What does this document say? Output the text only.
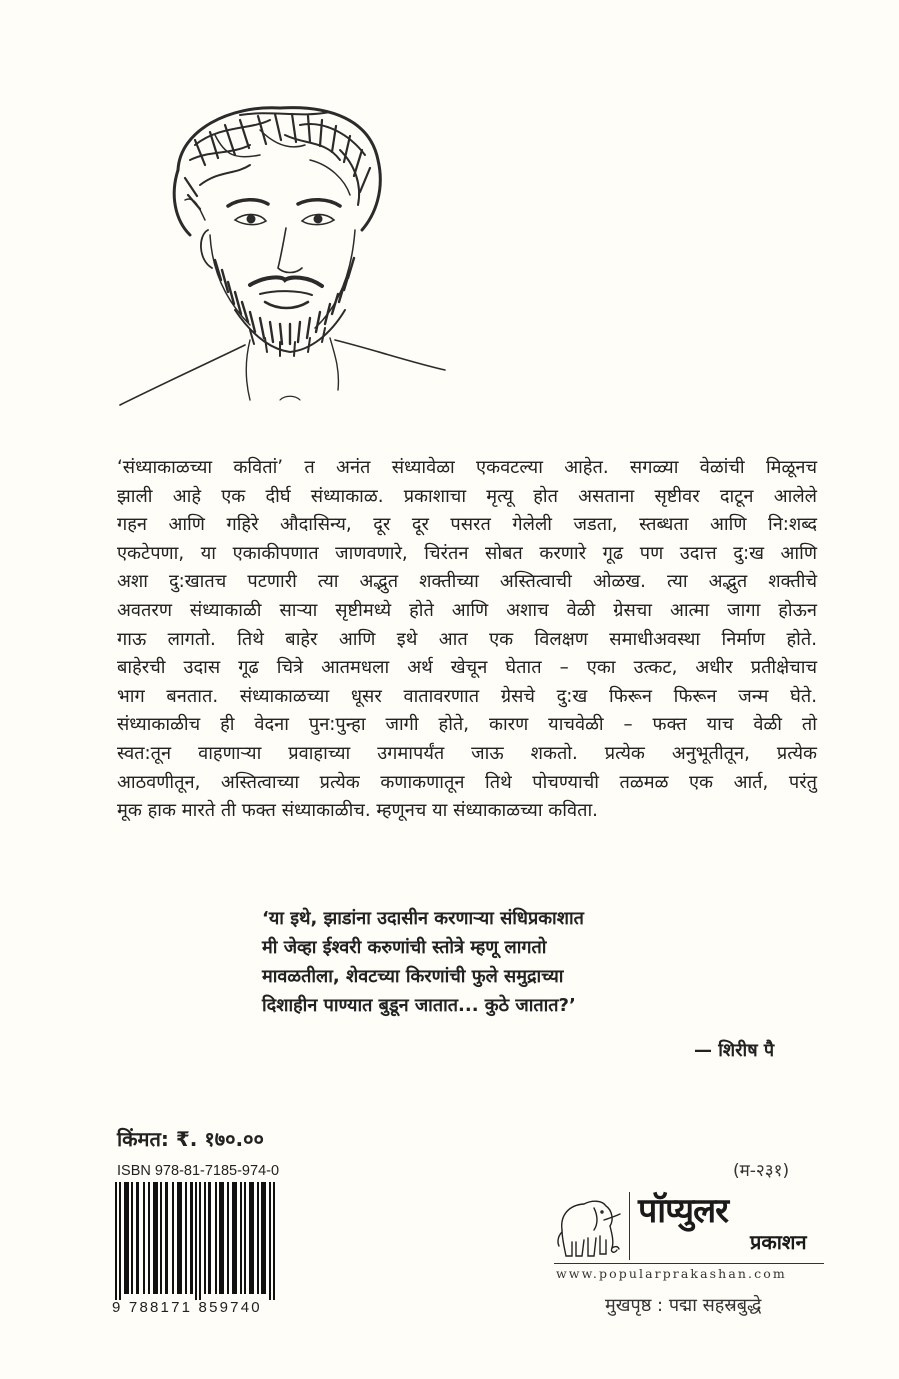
‘संध्याकाळच्या कवितां’ त अनंत संध्यावेळा एकवटल्या आहेत. सगळ्या वेळांची मिळूनच
झाली आहे एक दीर्घ संध्याकाळ. प्रकाशाचा मृत्यू होत असताना सृष्टीवर दाटून आलेले
गहन आणि गहिरे औदासिन्य, दूर दूर पसरत गेलेली जडता, स्तब्धता आणि नि:शब्द
एकटेपणा, या एकाकीपणात जाणवणारे, चिरंतन सोबत करणारे गूढ पण उदात्त दु:ख आणि
अशा दु:खातच पटणारी त्या अद्भुत शक्तीच्या अस्तित्वाची ओळख. त्या अद्भुत शक्तीचे
अवतरण संध्याकाळी साऱ्या सृष्टीमध्ये होते आणि अशाच वेळी ग्रेसचा आत्मा जागा होऊन
गाऊ लागतो. तिथे बाहेर आणि इथे आत एक विलक्षण समाधीअवस्था निर्माण होते.
बाहेरची उदास गूढ चित्रे आतमधला अर्थ खेचून घेतात – एका उत्कट, अधीर प्रतीक्षेचाच
भाग बनतात. संध्याकाळच्या धूसर वातावरणात ग्रेसचे दु:ख फिरून फिरून जन्म घेते.
संध्याकाळीच ही वेदना पुन:पुन्हा जागी होते, कारण याचवेळी – फक्त याच वेळी तो
स्वत:तून वाहणाऱ्या प्रवाहाच्या उगमापर्यंत जाऊ शकतो. प्रत्येक अनुभूतीतून, प्रत्येक
आठवणीतून, अस्तित्वाच्या प्रत्येक कणाकणातून तिथे पोचण्याची तळमळ एक आर्त, परंतु
मूक हाक मारते ती फक्त संध्याकाळीच. म्हणूनच या संध्याकाळच्या कविता.
‘या इथे, झाडांना उदासीन करणाऱ्या संधिप्रकाशात
मी जेव्हा ईश्वरी करुणांची स्तोत्रे म्हणू लागतो
मावळतीला, शेवटच्या किरणांची फुले समुद्राच्या
दिशाहीन पाण्यात बुडून जातात... कुठे जातात?’
— शिरीष पै
किंमत: ₹. १७०.००
ISBN 978-81-7185-974-0
9 788171 859740
(म-२३१)
पॉप्युलर
प्रकाशन
www.popularprakashan.com
मुखपृष्ठ : पद्मा सहस्रबुद्धे
